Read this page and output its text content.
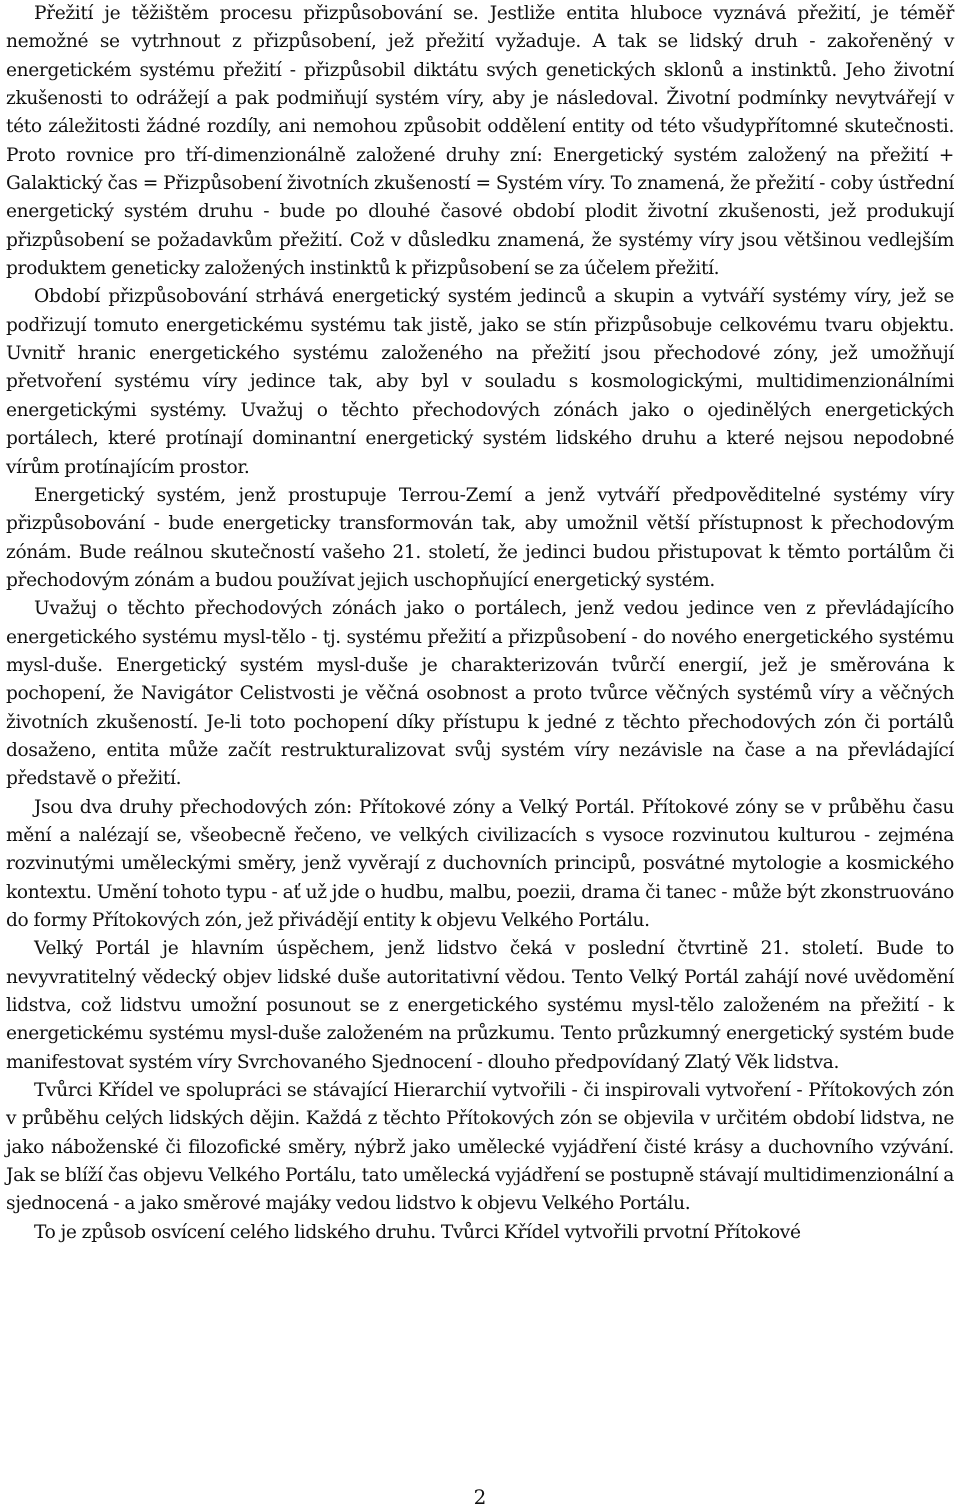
Přežití je těžištěm procesu přizpůsobování se. Jestliže entita hluboce vyznává přežití, je téměř nemožné se vytrhnout z přizpůsobení, jež přežití vyžaduje. A tak se lidský druh - zakořeněný v energetickém systému přežití - přizpůsobil diktátu svých genetických sklonů a instinktů. Jeho životní zkušenosti to odrážejí a pak podmiňují systém víry, aby je následoval. Životní podmínky nevytvářejí v této záležitosti žádné rozdíly, ani nemohou způsobit oddělení entity od této všudypřítomné skutečnosti. Proto rovnice pro tří-dimenzionálně založené druhy zní: Energetický systém založený na přežití + Galaktický čas = Přizpůsobení životních zkušeností = Systém víry. To znamená, že přežití - coby ústřední energetický systém druhu - bude po dlouhé časové období plodit životní zkušenosti, jež produkují přizpůsobení se požadavkům přežití. Což v důsledku znamená, že systémy víry jsou většinou vedlejším produktem geneticky založených instinktů k přizpůsobení se za účelem přežití.

Období přizpůsobování strhává energetický systém jedinců a skupin a vytváří systémy víry, jež se podřizují tomuto energetickému systému tak jistě, jako se stín přizpůsobuje celkovému tvaru objektu. Uvnitř hranic energetického systému založeného na přežití jsou přechodové zóny, jež umožňují přetvoření systému víry jedince tak, aby byl v souladu s kosmologickými, multidimenzionálními energetickými systémy. Uvažuj o těchto přechodových zónách jako o ojedinělých energetických portálech, které protínají dominantní energetický systém lidského druhu a které nejsou nepodobné vírům protínajícím prostor.

Energetický systém, jenž prostupuje Terrou-Zemí a jenž vytváří předpověditelné systémy víry přizpůsobování - bude energeticky transformován tak, aby umožnil větší přístupnost k přechodovým zónám. Bude reálnou skutečností vašeho 21. století, že jedinci budou přistupovat k těmto portálům či přechodovým zónám a budou používat jejich uschopňující energetický systém.

Uvažuj o těchto přechodových zónách jako o portálech, jenž vedou jedince ven z převládajícího energetického systému mysl-tělo - tj. systému přežití a přizpůsobení - do nového energetického systému mysl-duše. Energetický systém mysl-duše je charakterizován tvůrčí energií, jež je směrována k pochopení, že Navigátor Celistvosti je věčná osobnost a proto tvůrce věčných systémů víry a věčných životních zkušeností. Je-li toto pochopení díky přístupu k jedné z těchto přechodových zón či portálů dosaženo, entita může začít restrukturalizovat svůj systém víry nezávisle na čase a na převládající představě o přežití.

Jsou dva druhy přechodových zón: Přítokové zóny a Velký Portál. Přítokové zóny se v průběhu času mění a nalézají se, všeobecně řečeno, ve velkých civilizacích s vysoce rozvinutou kulturou - zejména rozvinutými uměleckými směry, jenž vyvěrají z duchovních principů, posvátné mytologie a kosmického kontextu. Umění tohoto typu - ať už jde o hudbu, malbu, poezii, drama či tanec - může být zkonstruováno do formy Přítokových zón, jež přivádějí entity k objevu Velkého Portálu.

Velký Portál je hlavním úspěchem, jenž lidstvo čeká v poslední čtvrtině 21. století. Bude to nevyvratitelný vědecký objev lidské duše autoritativní vědou. Tento Velký Portál zahájí nové uvědomění lidstva, což lidstvu umožní posunout se z energetického systému mysl-tělo založeném na přežití - k energetickému systému mysl-duše založeném na průzkumu. Tento průzkumný energetický systém bude manifestovat systém víry Svrchovaného Sjednocení - dlouho předpovídaný Zlatý Věk lidstva.

Tvůrci Křídel ve spolupráci se stávající Hierarchií vytvořili - či inspirovali vytvoření - Přítokových zón v průběhu celých lidských dějin. Každá z těchto Přítokových zón se objevila v určitém období lidstva, ne jako náboženské či filozofické směry, nýbrž jako umělecké vyjádření čisté krásy a duchovního vzývání. Jak se blíží čas objevu Velkého Portálu, tato umělecká vyjádření se postupně stávají multidimenzionální a sjednocená - a jako směrové majáky vedou lidstvo k objevu Velkého Portálu.

To je způsob osvícení celého lidského druhu. Tvůrci Křídel vytvořili prvotní Přítokové

2
